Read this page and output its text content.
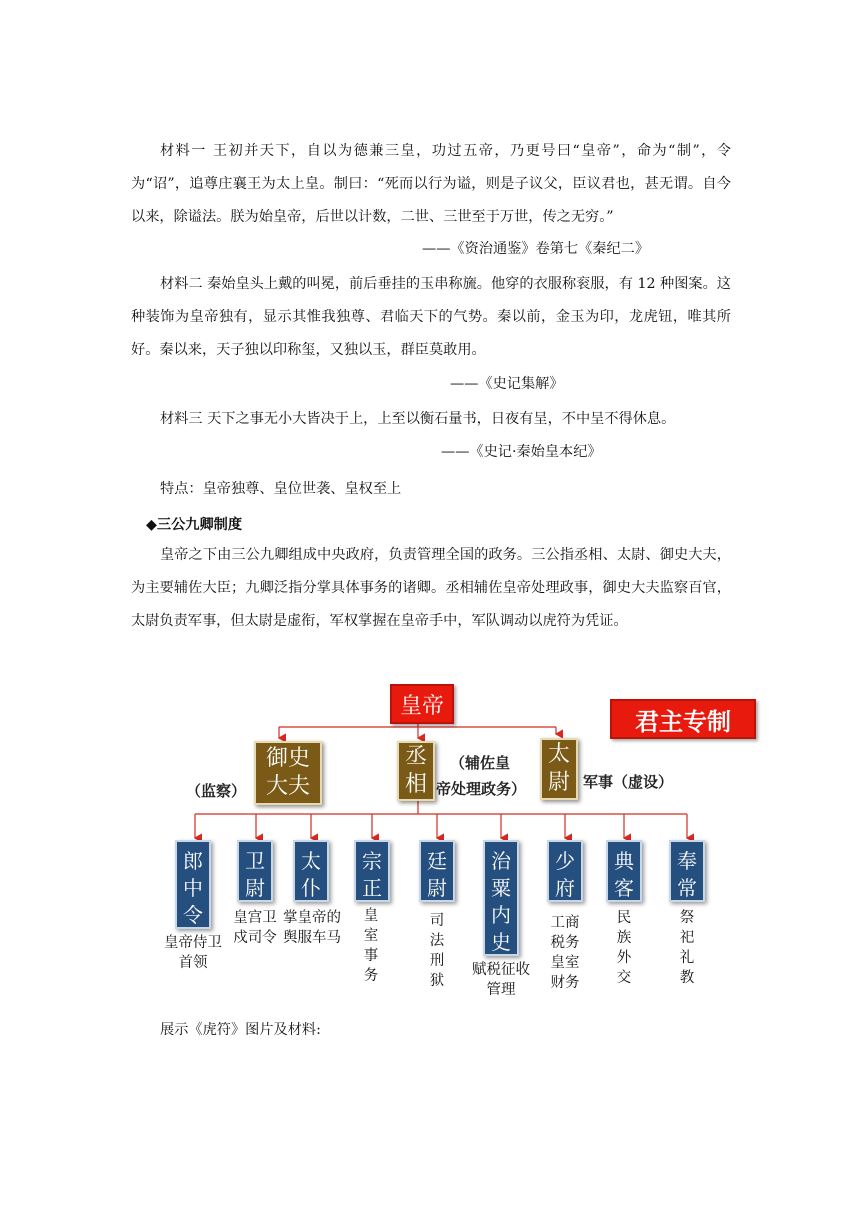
材料一 王初并天下，自以为德兼三皇，功过五帝，乃更号曰“皇帝”，命为“制”，令为“诏”，追尊庄襄王为太上皇。制曰：“死而以行为谥，则是子议父，臣议君也，甚无谓。自今以来，除谥法。朕为始皇帝，后世以计数，二世、三世至于万世，传之无穷。”

——《资治通鉴》卷第七《秦纪二》

材料二 秦始皇头上戴的叫冕，前后垂挂的玉串称旒。他穿的衣服称衮服，有 12 种图案。这种装饰为皇帝独有，显示其惟我独尊、君临天下的气势。秦以前，金玉为印，龙虎钮，唯其所好。秦以来，天子独以印称玺，又独以玉，群臣莫敢用。

——《史记集解》

材料三 天下之事无小大皆决于上，上至以衡石量书，日夜有呈，不中呈不得休息。

——《史记·秦始皇本纪》
特点：皇帝独尊、皇位世袭、皇权至上
◆三公九卿制度

皇帝之下由三公九卿组成中央政府，负责管理全国的政务。三公指丞相、太尉、御史大夫，为主要辅佐大臣；九卿泛指分掌具体事务的诸卿。丞相辅佐皇帝处理政事，御史大夫监察百官，太尉负责军事，但太尉是虚衔，军权掌握在皇帝手中，军队调动以虎符为凭证。

皇帝
君主专制
御史
大夫
（监察）
丞
相
（辅佐皇
帝处理政务）
太
尉 军事（虚设）
郎中令
皇帝侍卫首领
卫尉
皇宫卫戍司令
太仆
掌皇帝的舆服车马
宗正
皇室事务
廷尉
司法刑狱
治粟内史
赋税征收管理
少府
工商税务皇室财务
典客
民族外交
奉常
祭祀礼教
展示《虎符》图片及材料:
